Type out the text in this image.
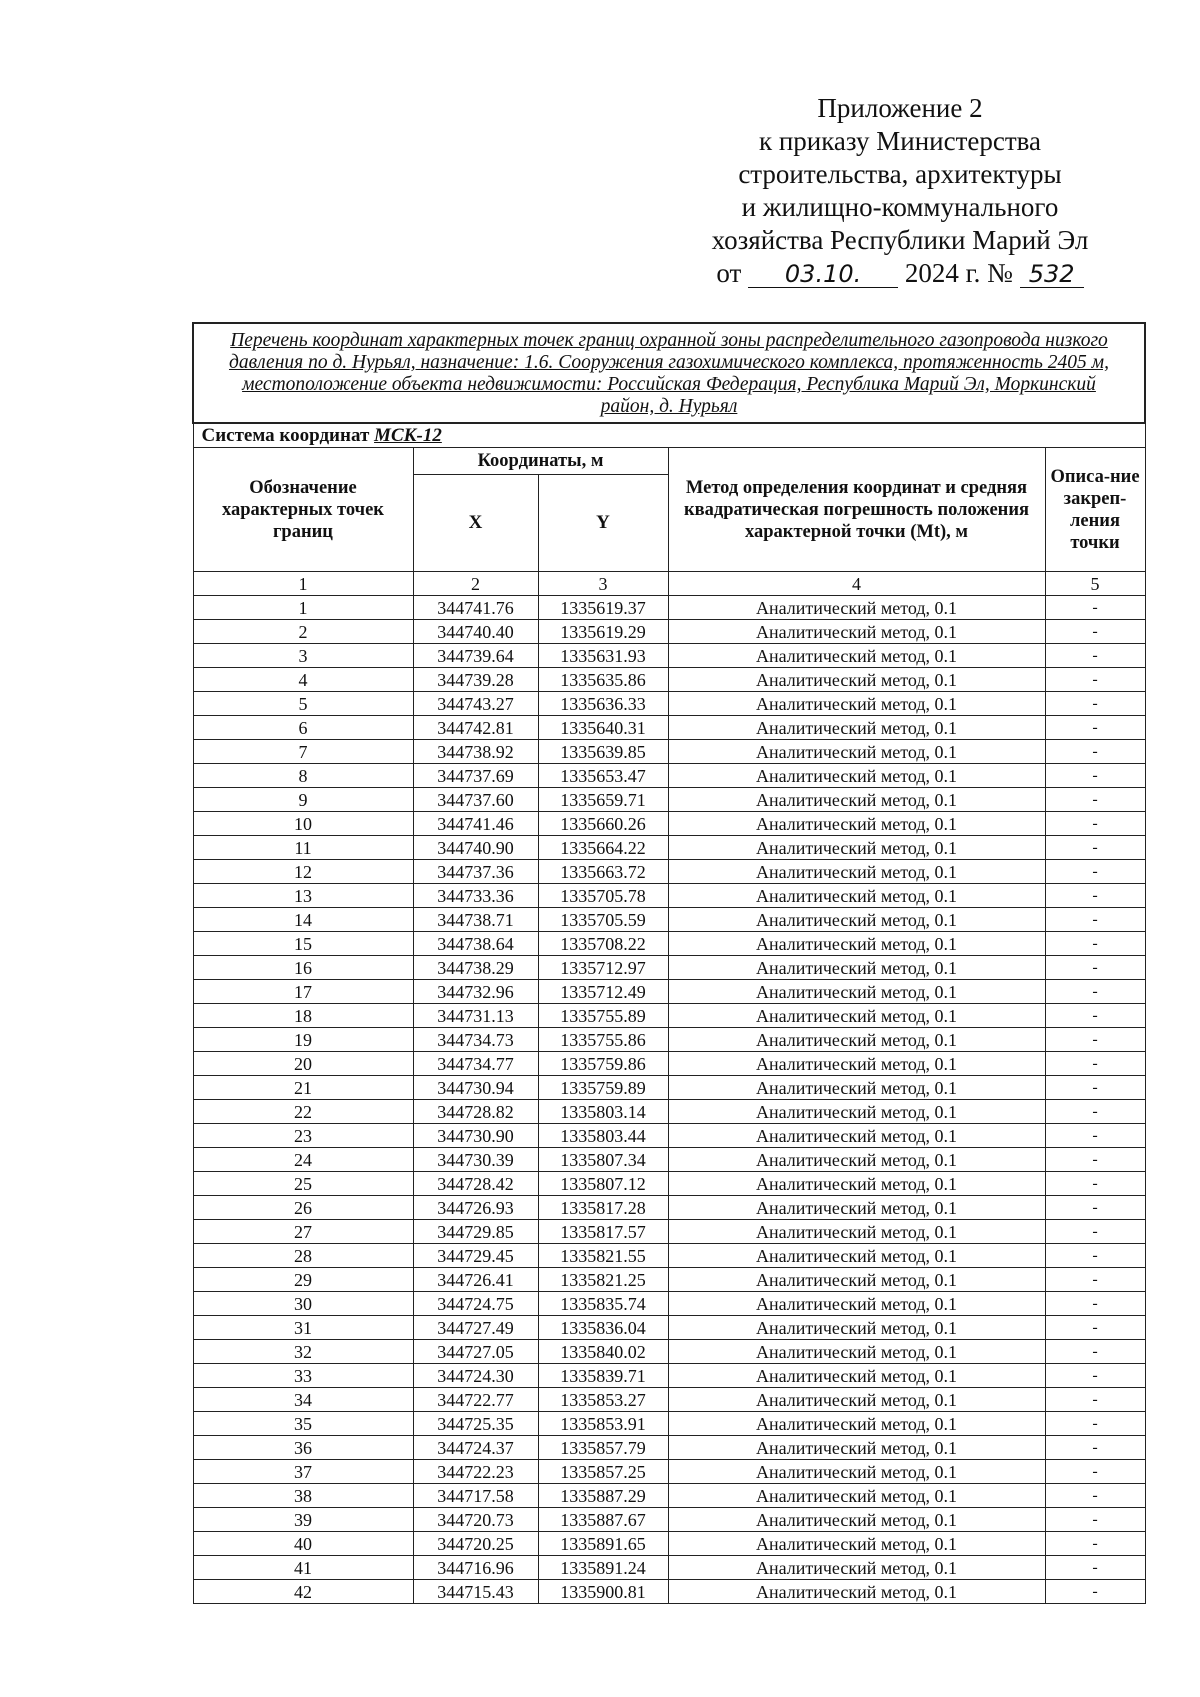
Приложение 2
к приказу Министерства
строительства, архитектуры
и жилищно-коммунального
хозяйства Республики Марий Эл
от 03.10. 2024 г. № 532
Перечень координат характерных точек границ охранной зоны распределительного газопровода низкого давления по д. Нурьял, назначение: 1.6. Сооружения газохимического комплекса, протяженность 2405 м, местоположение объекта недвижимости: Российская Федерация, Республика Марий Эл, Моркинский район, д. Нурьял				
Система координат МСК-12				
Обозначение характерных точек границ	Координаты, м		Метод определения координат и средняя квадратическая погрешность положения характерной точки (Mt), м	Описа-ние закреп-ления точки
	X	Y		
1	2	3	4	5
1	344741.76	1335619.37	Аналитический метод, 0.1	-
2	344740.40	1335619.29	Аналитический метод, 0.1	-
3	344739.64	1335631.93	Аналитический метод, 0.1	-
4	344739.28	1335635.86	Аналитический метод, 0.1	-
5	344743.27	1335636.33	Аналитический метод, 0.1	-
6	344742.81	1335640.31	Аналитический метод, 0.1	-
7	344738.92	1335639.85	Аналитический метод, 0.1	-
8	344737.69	1335653.47	Аналитический метод, 0.1	-
9	344737.60	1335659.71	Аналитический метод, 0.1	-
10	344741.46	1335660.26	Аналитический метод, 0.1	-
11	344740.90	1335664.22	Аналитический метод, 0.1	-
12	344737.36	1335663.72	Аналитический метод, 0.1	-
13	344733.36	1335705.78	Аналитический метод, 0.1	-
14	344738.71	1335705.59	Аналитический метод, 0.1	-
15	344738.64	1335708.22	Аналитический метод, 0.1	-
16	344738.29	1335712.97	Аналитический метод, 0.1	-
17	344732.96	1335712.49	Аналитический метод, 0.1	-
18	344731.13	1335755.89	Аналитический метод, 0.1	-
19	344734.73	1335755.86	Аналитический метод, 0.1	-
20	344734.77	1335759.86	Аналитический метод, 0.1	-
21	344730.94	1335759.89	Аналитический метод, 0.1	-
22	344728.82	1335803.14	Аналитический метод, 0.1	-
23	344730.90	1335803.44	Аналитический метод, 0.1	-
24	344730.39	1335807.34	Аналитический метод, 0.1	-
25	344728.42	1335807.12	Аналитический метод, 0.1	-
26	344726.93	1335817.28	Аналитический метод, 0.1	-
27	344729.85	1335817.57	Аналитический метод, 0.1	-
28	344729.45	1335821.55	Аналитический метод, 0.1	-
29	344726.41	1335821.25	Аналитический метод, 0.1	-
30	344724.75	1335835.74	Аналитический метод, 0.1	-
31	344727.49	1335836.04	Аналитический метод, 0.1	-
32	344727.05	1335840.02	Аналитический метод, 0.1	-
33	344724.30	1335839.71	Аналитический метод, 0.1	-
34	344722.77	1335853.27	Аналитический метод, 0.1	-
35	344725.35	1335853.91	Аналитический метод, 0.1	-
36	344724.37	1335857.79	Аналитический метод, 0.1	-
37	344722.23	1335857.25	Аналитический метод, 0.1	-
38	344717.58	1335887.29	Аналитический метод, 0.1	-
39	344720.73	1335887.67	Аналитический метод, 0.1	-
40	344720.25	1335891.65	Аналитический метод, 0.1	-
41	344716.96	1335891.24	Аналитический метод, 0.1	-
42	344715.43	1335900.81	Аналитический метод, 0.1	-
